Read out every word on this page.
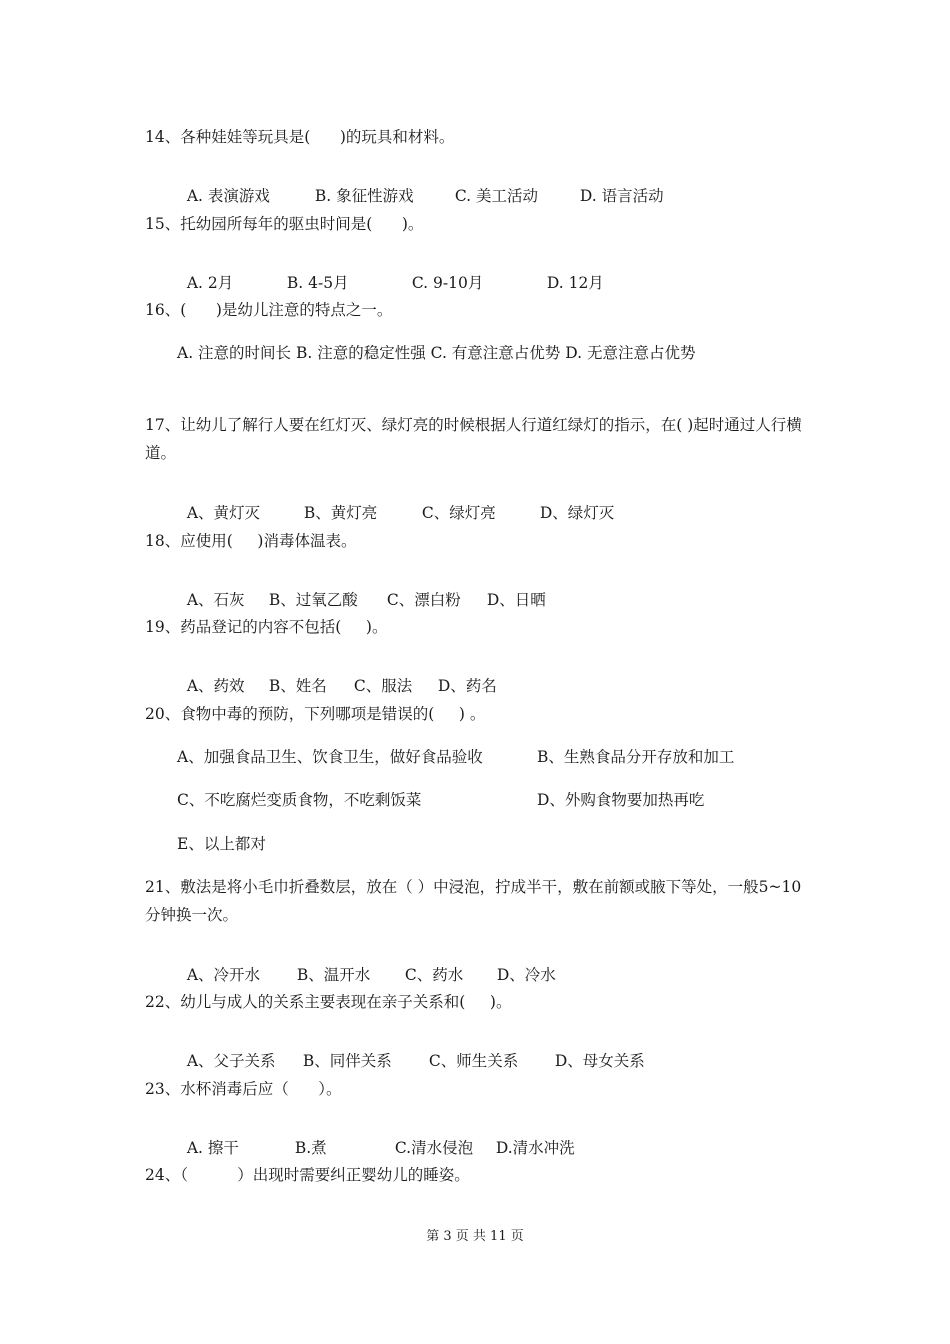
14、各种娃娃等玩具是(      )的玩具和材料。

A. 表演游戏	B. 象征性游戏	C. 美工活动	D. 语言活动

15、托幼园所每年的驱虫时间是(      )。

A. 2月	B. 4-5月	C. 9-10月	D. 12月

16、(      )是幼儿注意的特点之一。
A. 注意的时间长 B. 注意的稳定性强 C. 有意注意占优势 D. 无意注意占优势
17、让幼儿了解行人要在红灯灭、绿灯亮的时候根据人行道红绿灯的指示，在( )起时通过人行横道。

A、黄灯灭	B、黄灯亮	C、绿灯亮	D、绿灯灭

18、应使用(     )消毒体温表。

A、石灰 B、过氧乙酸 C、漂白粉 D、日晒

19、药品登记的内容不包括(     )。

A、药效 B、姓名 C、服法 D、药名

20、食物中毒的预防，下列哪项是错误的(     ) 。
A、加强食品卫生、饮食卫生，做好食品验收	B、生熟食品分开存放和加工
C、不吃腐烂变质食物，不吃剩饭菜	D、外购食物要加热再吃
E、以上都对
21、敷法是将小毛巾折叠数层，放在（ ）中浸泡，拧成半干，敷在前额或腋下等处，一般5~10分钟换一次。

A、冷开水 B、温开水 C、药水 D、冷水

22、幼儿与成人的关系主要表现在亲子关系和(     )。

A、父子关系 B、同伴关系 C、师生关系 D、母女关系

23、水杯消毒后应（      ）。

A. 擦干	B.煮	C.清水侵泡 D.清水冲洗

24、（          ）出现时需要纠正婴幼儿的睡姿。
第 3 页 共 11 页
